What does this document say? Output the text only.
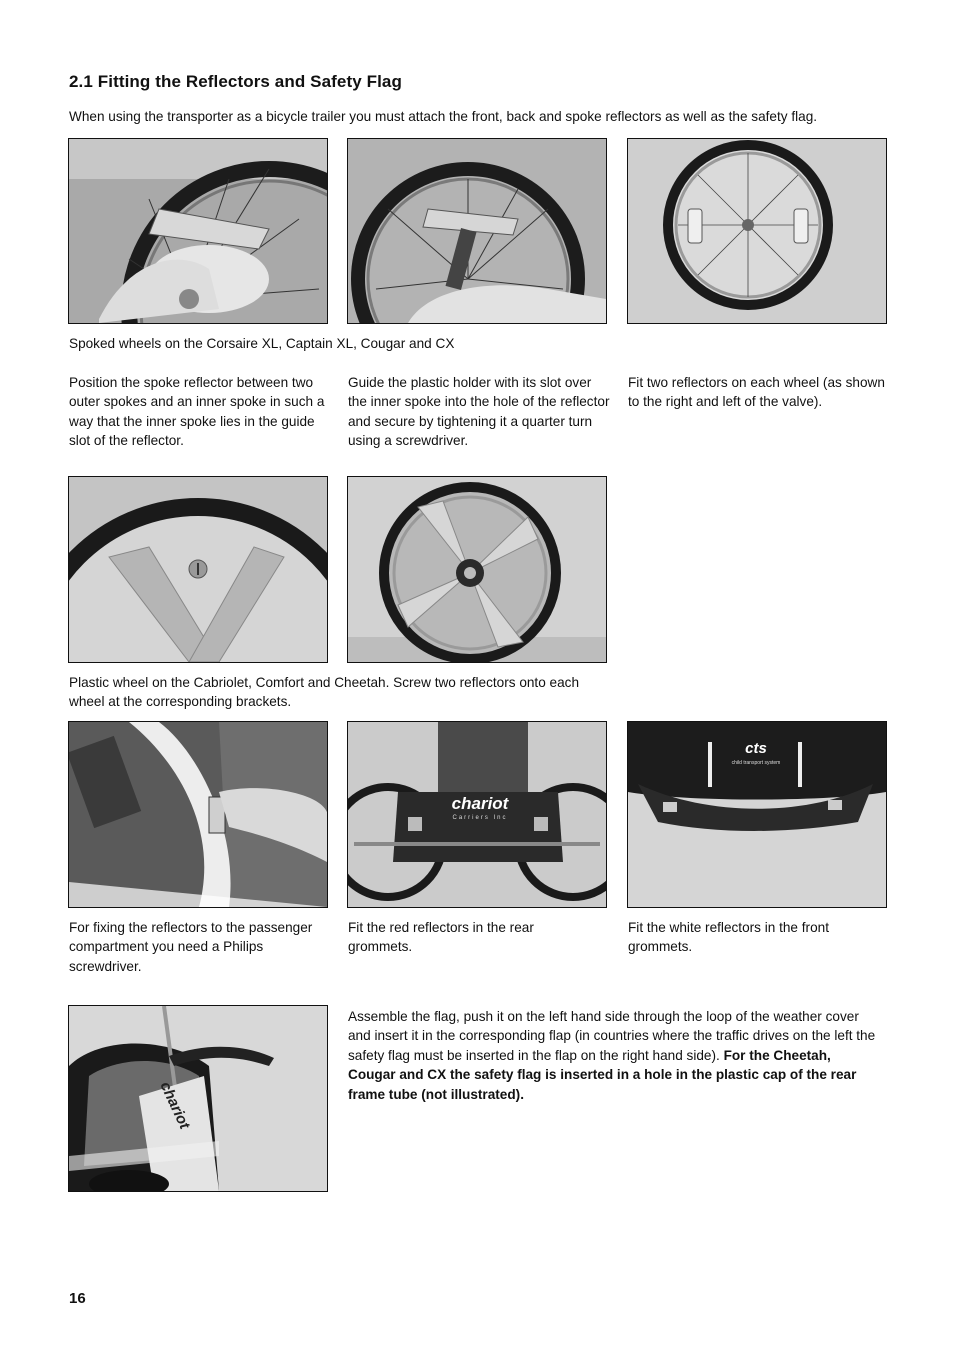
2.1 Fitting the Reflectors and Safety Flag
When using the transporter as a bicycle trailer you must attach the front, back and spoke reflectors as well as the safety flag.
Spoked wheels on the Corsaire XL, Captain XL, Cougar and CX
Position the spoke reflector between two outer spokes and an inner spoke in such a way that the inner spoke lies in the guide slot of the reflector.
Guide the plastic holder with its slot over the inner spoke into the hole of the reflector and secure by tightening it a quarter turn using a screwdriver.
Fit two reflectors on each wheel (as shown to the right and left of the valve).
Plastic wheel on the Cabriolet, Comfort and Cheetah. Screw two reflectors onto each wheel at the corresponding brackets.
chariot
Carriers Inc
cts
child transport system
For fixing the reflectors to the passenger compartment you need a Philips screwdriver.
Fit the red reflectors in the rear grommets.
Fit the white reflectors in the front grommets.
chariot
Assemble the flag, push it on the left hand side through the loop of the weather cover and insert it in the corresponding flap (in countries where the traffic drives on the left the safety flag must be inserted in the flap on the right hand side). For the Cheetah, Cougar and CX the safety flag is inserted in a hole in the plastic cap of the rear frame tube (not illustrated).
16
